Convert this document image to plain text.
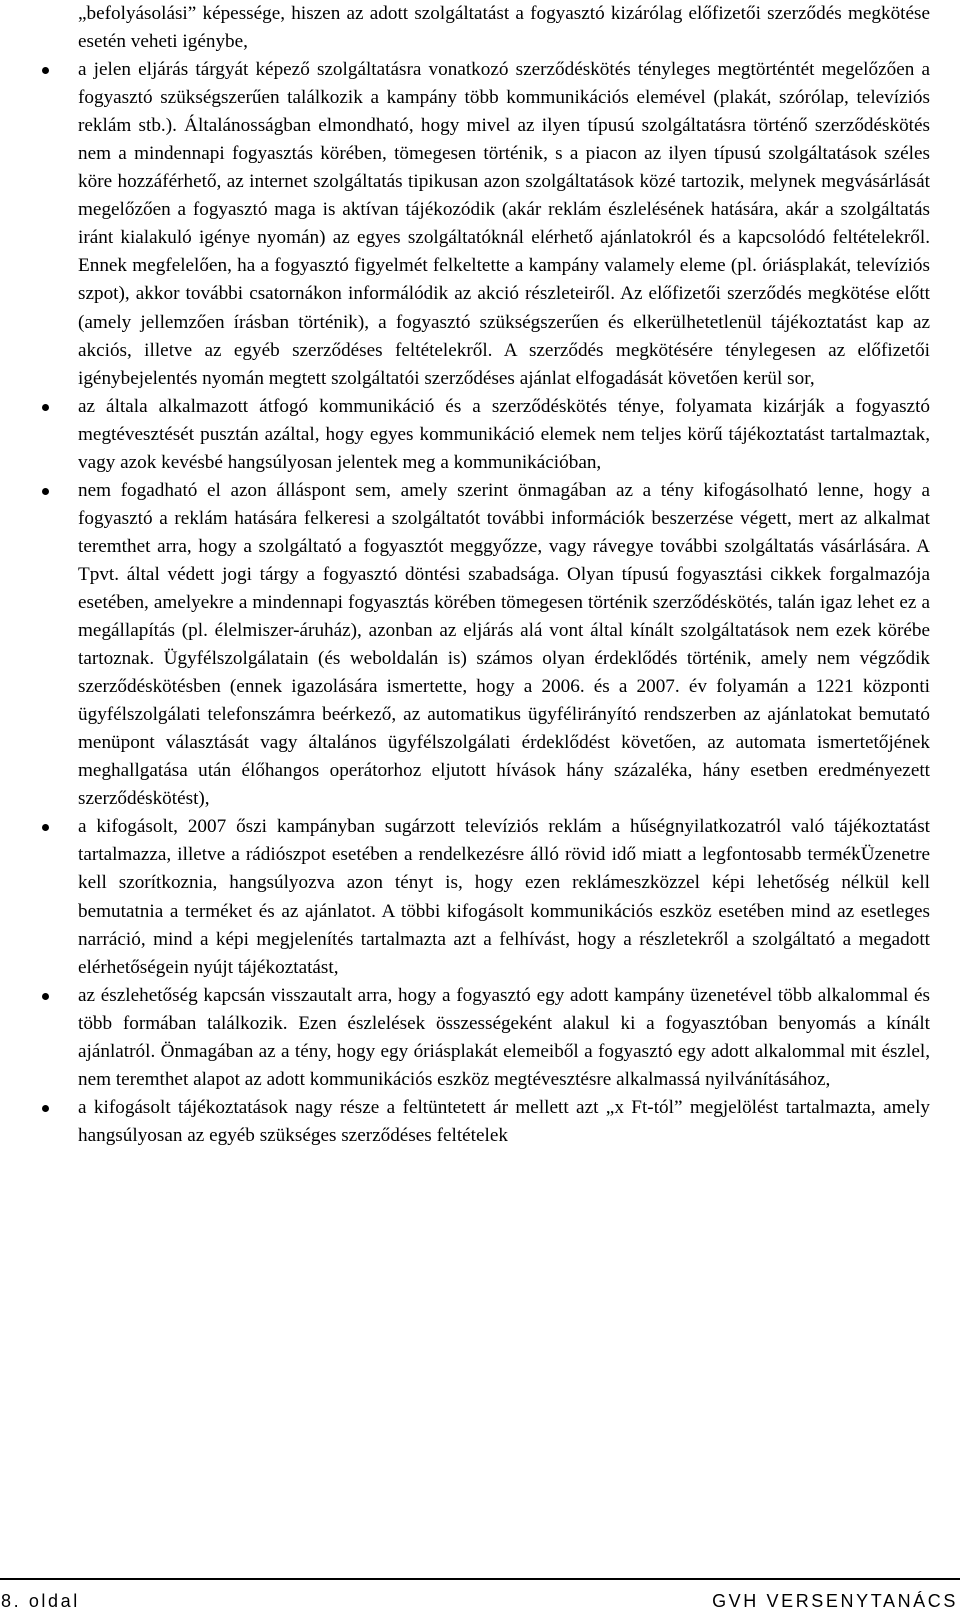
„befolyásolási” képessége, hiszen az adott szolgáltatást a fogyasztó kizárólag előfizetői szerződés megkötése esetén veheti igénybe,

a jelen eljárás tárgyát képező szolgáltatásra vonatkozó szerződéskötés tényleges megtörténtét megelőzően a fogyasztó szükségszerűen találkozik a kampány több kommunikációs elemével (plakát, szórólap, televíziós reklám stb.). Általánosságban elmondható, hogy mivel az ilyen típusú szolgáltatásra történő szerződéskötés nem a mindennapi fogyasztás körében, tömegesen történik, s a piacon az ilyen típusú szolgáltatások széles köre hozzáférhető, az internet szolgáltatás tipikusan azon szolgáltatások közé tartozik, melynek megvásárlását megelőzően a fogyasztó maga is aktívan tájékozódik (akár reklám észlelésének hatására, akár a szolgáltatás iránt kialakuló igénye nyomán) az egyes szolgáltatóknál elérhető ajánlatokról és a kapcsolódó feltételekről. Ennek megfelelően, ha a fogyasztó figyelmét felkeltette a kampány valamely eleme (pl. óriásplakát, televíziós szpot), akkor további csatornákon informálódik az akció részleteiről. Az előfizetői szerződés megkötése előtt (amely jellemzően írásban történik), a fogyasztó szükségszerűen és elkerülhetetlenül tájékoztatást kap az akciós, illetve az egyéb szerződéses feltételekről. A szerződés megkötésére ténylegesen az előfizetői igénybejelentés nyomán megtett szolgáltatói szerződéses ajánlat elfogadását követően kerül sor,

az általa alkalmazott átfogó kommunikáció és a szerződéskötés ténye, folyamata kizárják a fogyasztó megtévesztését pusztán azáltal, hogy egyes kommunikáció elemek nem teljes körű tájékoztatást tartalmaztak, vagy azok kevésbé hangsúlyosan jelentek meg a kommunikációban,

nem fogadható el azon álláspont sem, amely szerint önmagában az a tény kifogásolható lenne, hogy a fogyasztó a reklám hatására felkeresi a szolgáltatót további információk beszerzése végett, mert az alkalmat teremthet arra, hogy a szolgáltató a fogyasztót meggyőzze, vagy rávegye további szolgáltatás vásárlására. A Tpvt. által védett jogi tárgy a fogyasztó döntési szabadsága. Olyan típusú fogyasztási cikkek forgalmazója esetében, amelyekre a mindennapi fogyasztás körében tömegesen történik szerződéskötés, talán igaz lehet ez a megállapítás (pl. élelmiszer-áruház), azonban az eljárás alá vont által kínált szolgáltatások nem ezek körébe tartoznak. Ügyfélszolgálatain (és weboldalán is) számos olyan érdeklődés történik, amely nem végződik szerződéskötésben (ennek igazolására ismertette, hogy a 2006. és a 2007. év folyamán a 1221 központi ügyfélszolgálati telefonszámra beérkező, az automatikus ügyfélirányító rendszerben az ajánlatokat bemutató menüpont választását vagy általános ügyfélszolgálati érdeklődést követően, az automata ismertetőjének meghallgatása után élőhangos operátorhoz eljutott hívások hány százaléka, hány esetben eredményezett szerződéskötést),

a kifogásolt, 2007 őszi kampányban sugárzott televíziós reklám a hűségnyilatkozatról való tájékoztatást tartalmazza, illetve a rádiószpot esetében a rendelkezésre álló rövid idő miatt a legfontosabb termékÜzenetre kell szorítkoznia, hangsúlyozva azon tényt is, hogy ezen reklámeszközzel képi lehetőség nélkül kell bemutatnia a terméket és az ajánlatot. A többi kifogásolt kommunikációs eszköz esetében mind az esetleges narráció, mind a képi megjelenítés tartalmazta azt a felhívást, hogy a részletekről a szolgáltató a megadott elérhetőségein nyújt tájékoztatást,

az észlehetőség kapcsán visszautalt arra, hogy a fogyasztó egy adott kampány üzenetével több alkalommal és több formában találkozik. Ezen észlelések összességeként alakul ki a fogyasztóban benyomás a kínált ajánlatról. Önmagában az a tény, hogy egy óriásplakát elemeiből a fogyasztó egy adott alkalommal mit észlel, nem teremthet alapot az adott kommunikációs eszköz megtévesztésre alkalmassá nyilvánításához,

a kifogásolt tájékoztatások nagy része a feltüntetett ár mellett azt „x Ft-tól” megjelölést tartalmazta, amely hangsúlyosan az egyéb szükséges szerződéses feltételek

8. oldal	GVH VERSENYTANÁCS
